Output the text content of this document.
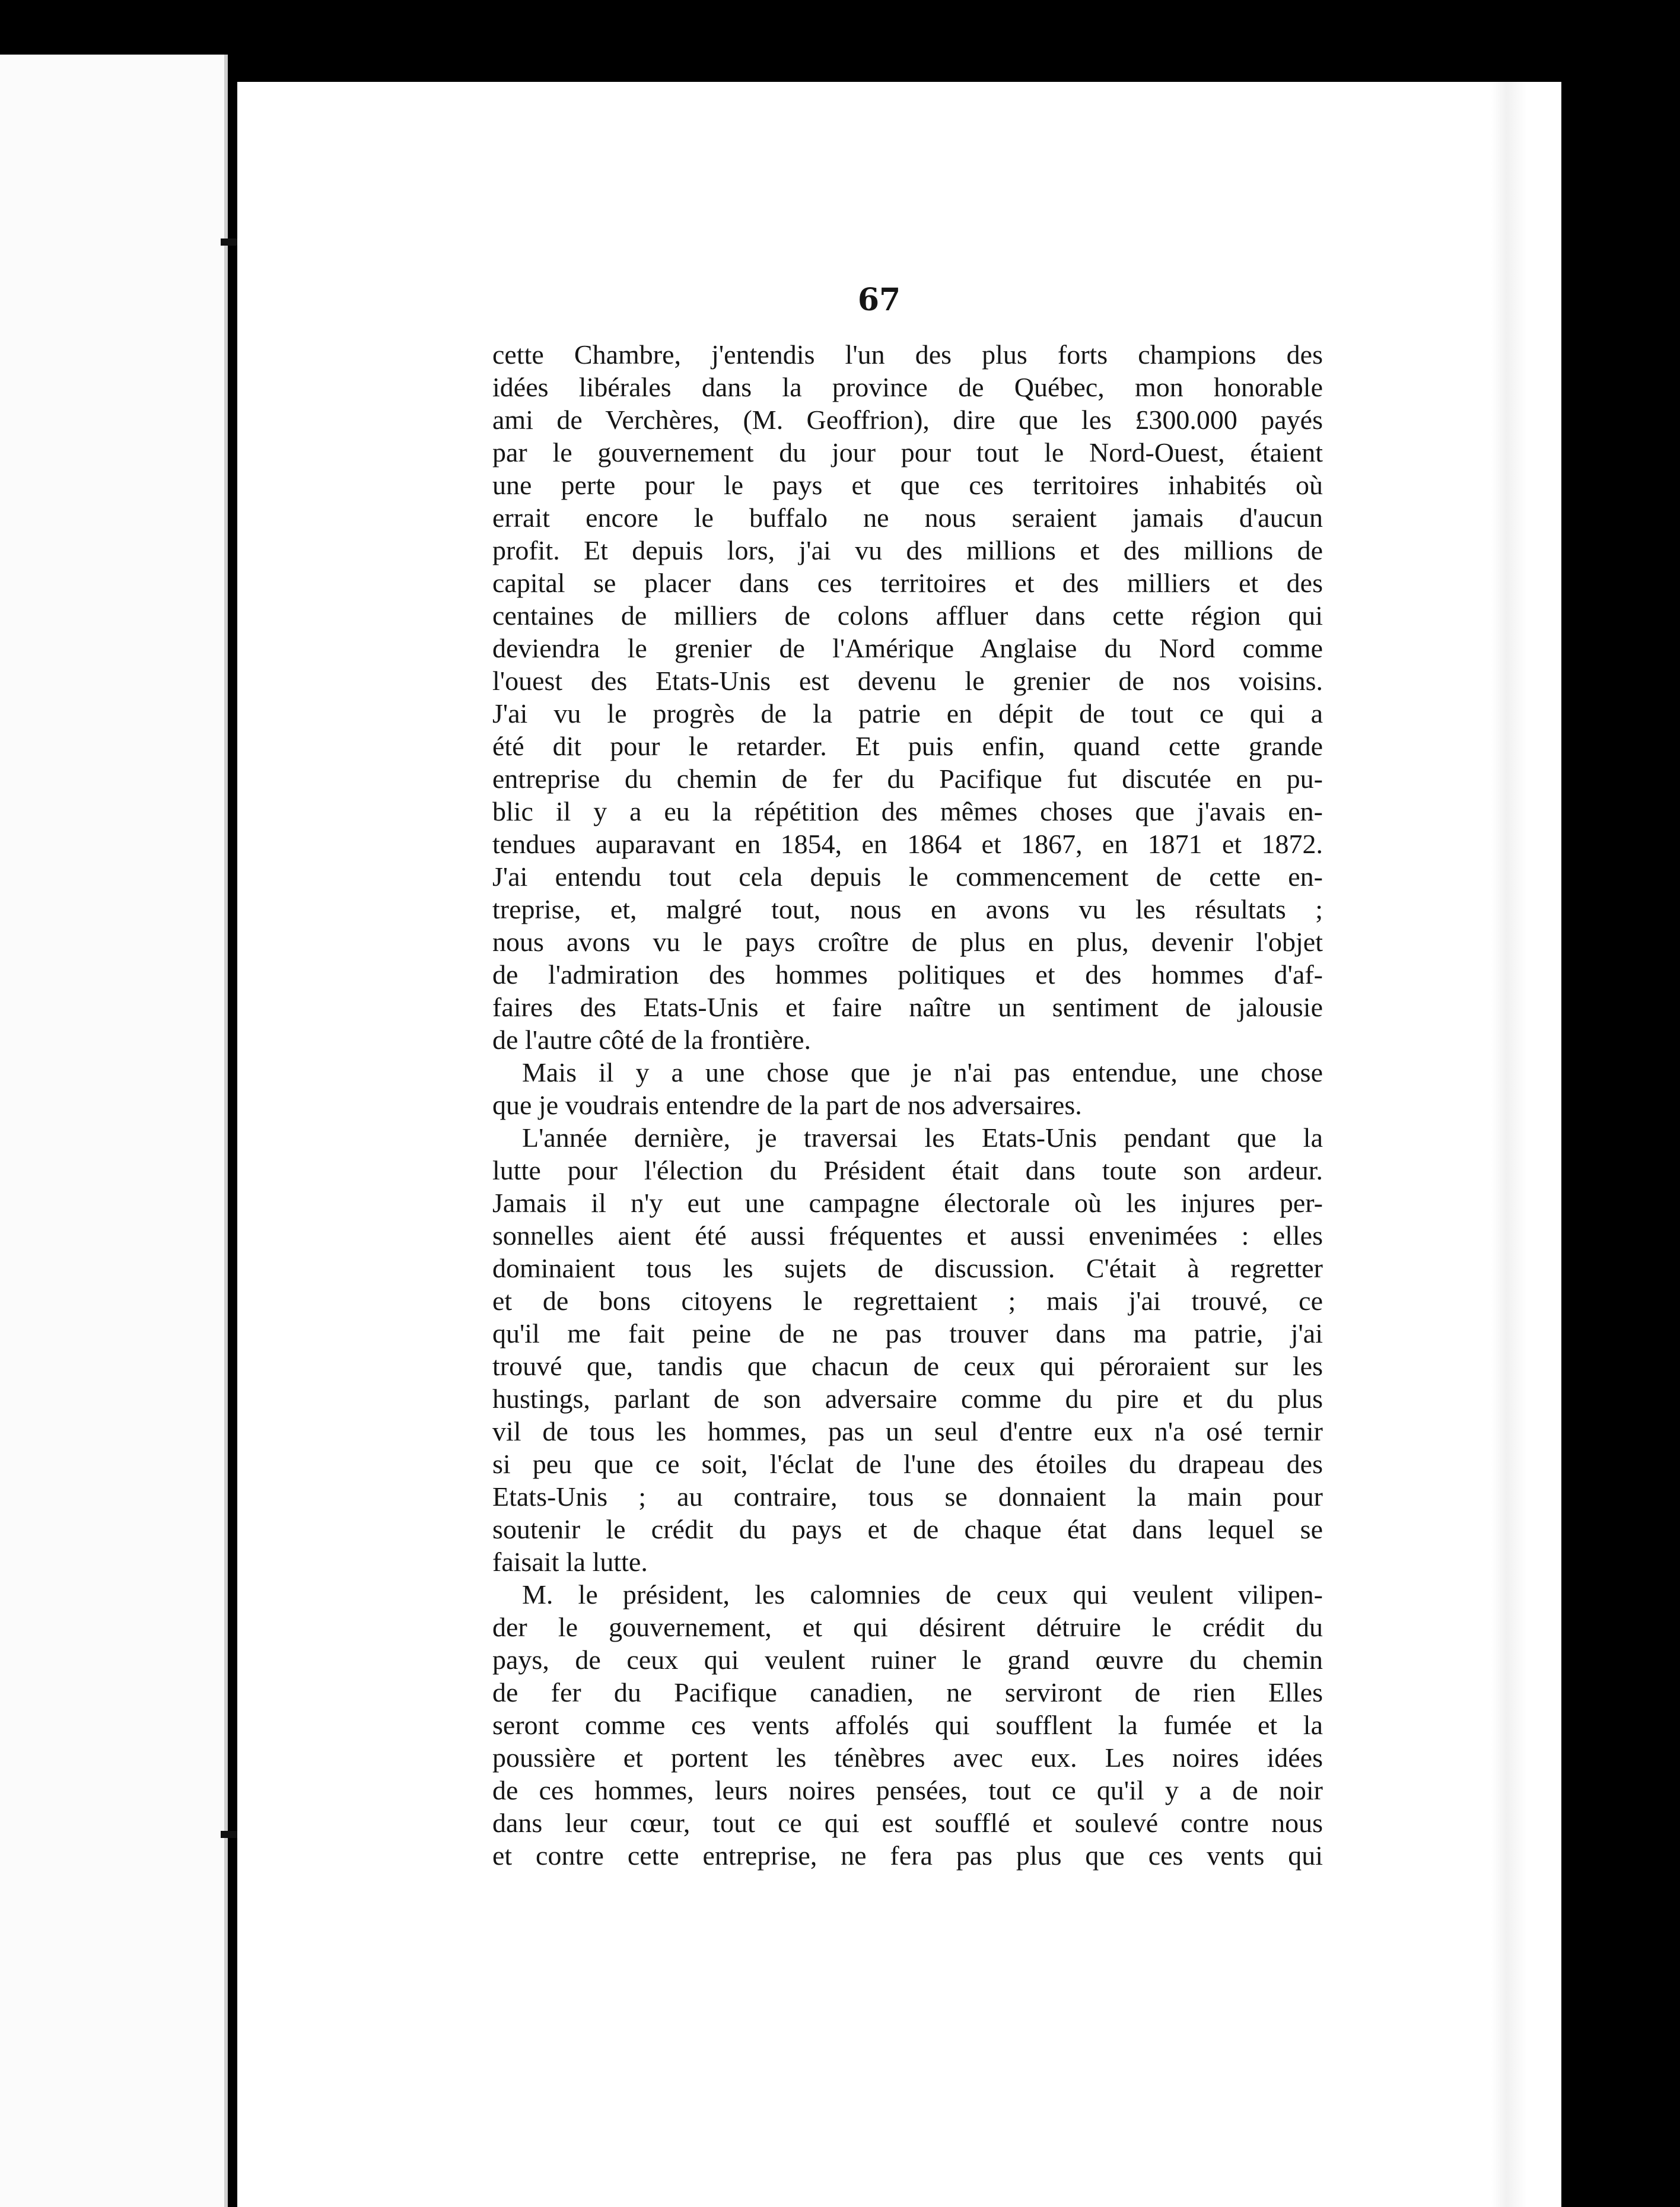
67
cette Chambre, j'entendis l'un des plus forts champions des
idées libérales dans la province de Québec, mon honorable
ami de Verchères, (M. Geoffrion), dire que les £300.000 payés
par le gouvernement du jour pour tout le Nord-Ouest, étaient
une perte pour le pays et que ces territoires inhabités où
errait encore le buffalo ne nous seraient jamais d'aucun
profit. Et depuis lors, j'ai vu des millions et des millions de
capital se placer dans ces territoires et des milliers et des
centaines de milliers de colons affluer dans cette région qui
deviendra le grenier de l'Amérique Anglaise du Nord comme
l'ouest des Etats-Unis est devenu le grenier de nos voisins.
J'ai vu le progrès de la patrie en dépit de tout ce qui a
été dit pour le retarder. Et puis enfin, quand cette grande
entreprise du chemin de fer du Pacifique fut discutée en pu-
blic il y a eu la répétition des mêmes choses que j'avais en-
tendues auparavant en 1854, en 1864 et 1867, en 1871 et 1872.
J'ai entendu tout cela depuis le commencement de cette en-
treprise, et, malgré tout, nous en avons vu les résultats ;
nous avons vu le pays croître de plus en plus, devenir l'objet
de l'admiration des hommes politiques et des hommes d'af-
faires des Etats-Unis et faire naître un sentiment de jalousie
de l'autre côté de la frontière.
Mais il y a une chose que je n'ai pas entendue, une chose
que je voudrais entendre de la part de nos adversaires.
L'année dernière, je traversai les Etats-Unis pendant que la
lutte pour l'élection du Président était dans toute son ardeur.
Jamais il n'y eut une campagne électorale où les injures per-
sonnelles aient été aussi fréquentes et aussi envenimées : elles
dominaient tous les sujets de discussion. C'était à regretter
et de bons citoyens le regrettaient ; mais j'ai trouvé, ce
qu'il me fait peine de ne pas trouver dans ma patrie, j'ai
trouvé que, tandis que chacun de ceux qui péroraient sur les
hustings, parlant de son adversaire comme du pire et du plus
vil de tous les hommes, pas un seul d'entre eux n'a osé ternir
si peu que ce soit, l'éclat de l'une des étoiles du drapeau des
Etats-Unis ; au contraire, tous se donnaient la main pour
soutenir le crédit du pays et de chaque état dans lequel se
faisait la lutte.
M. le président, les calomnies de ceux qui veulent vilipen-
der le gouvernement, et qui désirent détruire le crédit du
pays, de ceux qui veulent ruiner le grand œuvre du chemin
de fer du Pacifique canadien, ne serviront de rien Elles
seront comme ces vents affolés qui soufflent la fumée et la
poussière et portent les ténèbres avec eux. Les noires idées
de ces hommes, leurs noires pensées, tout ce qu'il y a de noir
dans leur cœur, tout ce qui est soufflé et soulevé contre nous
et contre cette entreprise, ne fera pas plus que ces vents qui
